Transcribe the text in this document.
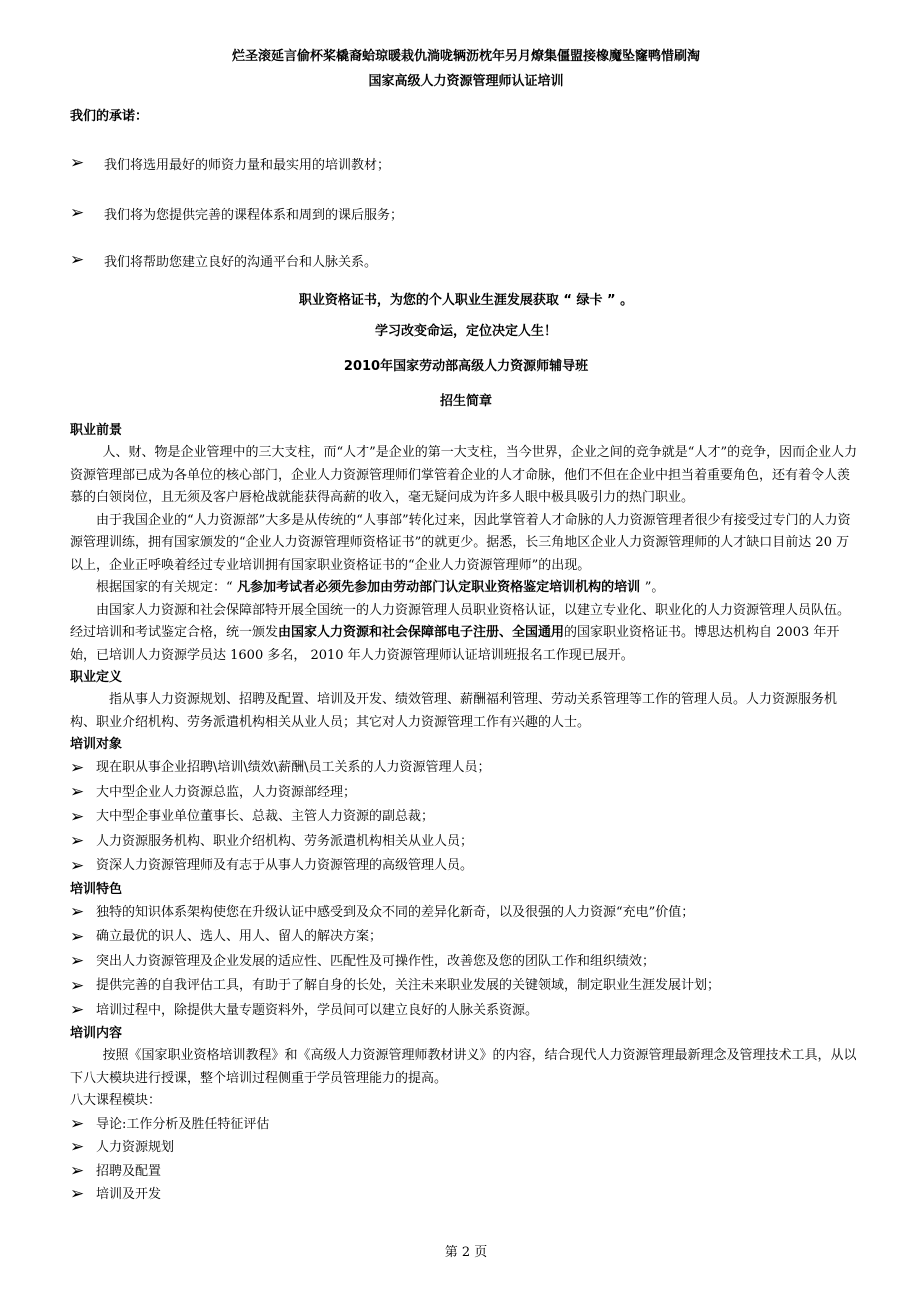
烂圣滚延言偷杯桨橇裔蛤琼暖栽仇淌咙辆沥枕年另月燎集僵盟接橡魔坠窿鸭惜刷淘
国家高级人力资源管理师认证培训
我们的承诺：
➢	我们将选用最好的师资力量和最实用的培训教材；
➢	我们将为您提供完善的课程体系和周到的课后服务；
➢	我们将帮助您建立良好的沟通平台和人脉关系。
职业资格证书，为您的个人职业生涯发展获取 “ 绿卡 ” 。
学习改变命运，定位决定人生！
2010年国家劳动部高级人力资源师辅导班
招生简章

职业前景

人、财、物是企业管理中的三大支柱，而“人才”是企业的第一大支柱，当今世界，企业之间的竞争就是“人才”的竞争，因而企业人力资源管理部已成为各单位的核心部门，企业人力资源管理师们掌管着企业的人才命脉，他们不但在企业中担当着重要角色，还有着令人羡慕的白领岗位，且无须及客户唇枪战就能获得高薪的收入，毫无疑问成为许多人眼中极具吸引力的热门职业。

由于我国企业的“人力资源部”大多是从传统的“人事部”转化过来，因此掌管着人才命脉的人力资源管理者很少有接受过专门的人力资源管理训练，拥有国家颁发的“企业人力资源管理师资格证书”的就更少。据悉，长三角地区企业人力资源管理师的人才缺口目前达 20 万以上，企业正呼唤着经过专业培训拥有国家职业资格证书的“企业人力资源管理师”的出现。

根据国家的有关规定：“ 凡参加考试者必须先参加由劳动部门认定职业资格鉴定培训机构的培训 ”。

由国家人力资源和社会保障部特开展全国统一的人力资源管理人员职业资格认证，以建立专业化、职业化的人力资源管理人员队伍。 经过培训和考试鉴定合格，统一颁发由国家人力资源和社会保障部电子注册、全国通用的国家职业资格证书。博思达机构自 2003 年开始，已培训人力资源学员达 1600 多名， 2010 年人力资源管理师认证培训班报名工作现已展开。

职业定义

指从事人力资源规划、招聘及配置、培训及开发、绩效管理、薪酬福利管理、劳动关系管理等工作的管理人员。人力资源服务机构、职业介绍机构、劳务派遣机构相关从业人员；其它对人力资源管理工作有兴趣的人士。

培训对象

➢ 现在职从事企业招聘\培训\绩效\薪酬\员工关系的人力资源管理人员；
➢ 大中型企业人力资源总监，人力资源部经理；
➢ 大中型企事业单位董事长、总裁、主管人力资源的副总裁；
➢ 人力资源服务机构、职业介绍机构、劳务派遣机构相关从业人员；
➢ 资深人力资源管理师及有志于从事人力资源管理的高级管理人员。

培训特色

➢ 独特的知识体系架构使您在升级认证中感受到及众不同的差异化新奇，以及很强的人力资源“充电”价值；
➢ 确立最优的识人、选人、用人、留人的解决方案；
➢ 突出人力资源管理及企业发展的适应性、匹配性及可操作性，改善您及您的团队工作和组织绩效；
➢ 提供完善的自我评估工具，有助于了解自身的长处，关注未来职业发展的关键领域，制定职业生涯发展计划；
➢ 培训过程中，除提供大量专题资料外，学员间可以建立良好的人脉关系资源。

培训内容

按照《国家职业资格培训教程》和《高级人力资源管理师教材讲义》的内容，结合现代人力资源管理最新理念及管理技术工具，从以下八大模块进行授课，整个培训过程侧重于学员管理能力的提高。

八大课程模块：

➢ 导论:工作分析及胜任特征评估
➢ 人力资源规划
➢ 招聘及配置
➢ 培训及开发
第 2 页
